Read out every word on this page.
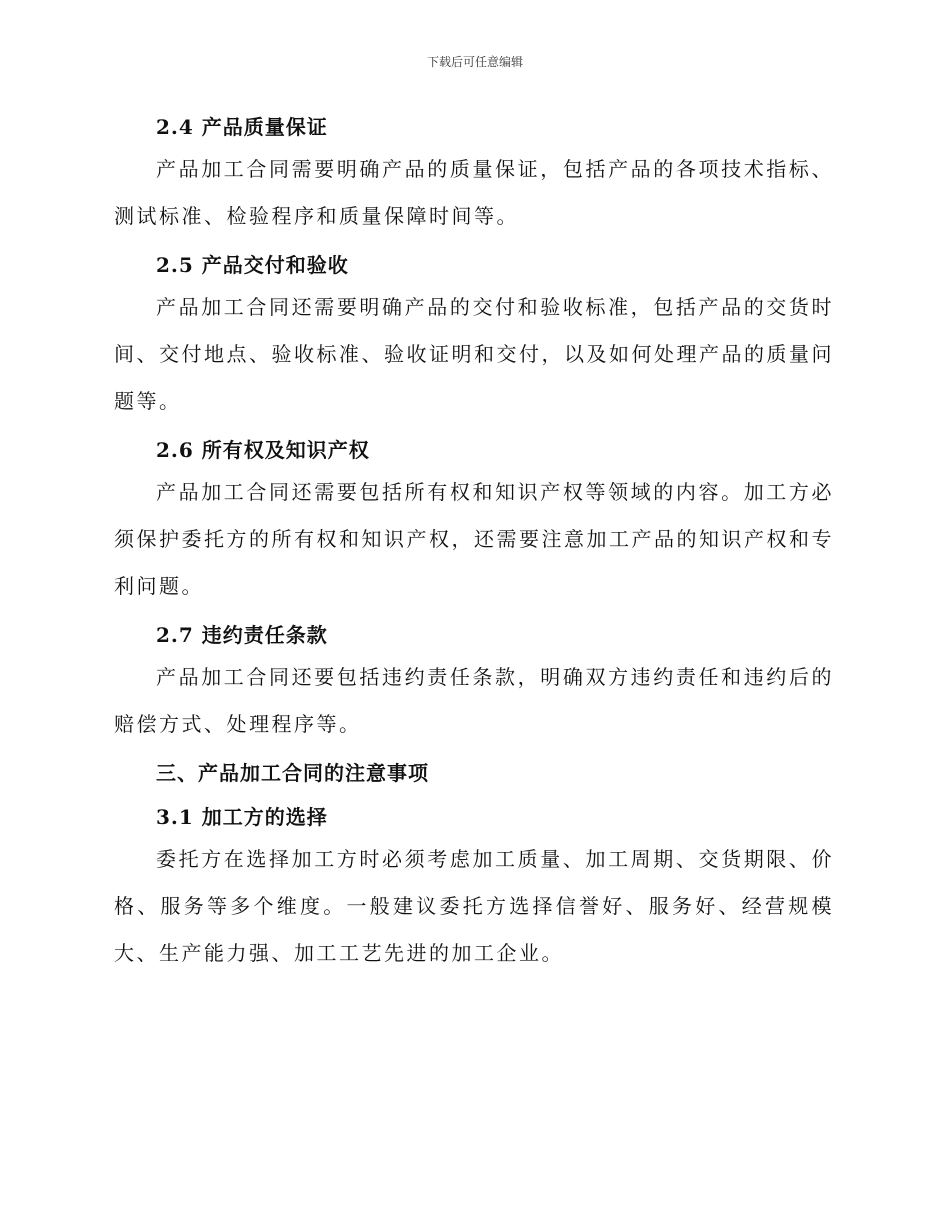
下载后可任意编辑
2.4 产品质量保证

产品加工合同需要明确产品的质量保证，包括产品的各项技术指标、测试标准、检验程序和质量保障时间等。

2.5 产品交付和验收

产品加工合同还需要明确产品的交付和验收标准，包括产品的交货时间、交付地点、验收标准、验收证明和交付，以及如何处理产品的质量问题等。

2.6 所有权及知识产权

产品加工合同还需要包括所有权和知识产权等领域的内容。加工方必须保护委托方的所有权和知识产权，还需要注意加工产品的知识产权和专利问题。

2.7 违约责任条款

产品加工合同还要包括违约责任条款，明确双方违约责任和违约后的赔偿方式、处理程序等。

三、产品加工合同的注意事项
3.1 加工方的选择

委托方在选择加工方时必须考虑加工质量、加工周期、交货期限、价格、服务等多个维度。一般建议委托方选择信誉好、服务好、经营规模大、生产能力强、加工工艺先进的加工企业。
